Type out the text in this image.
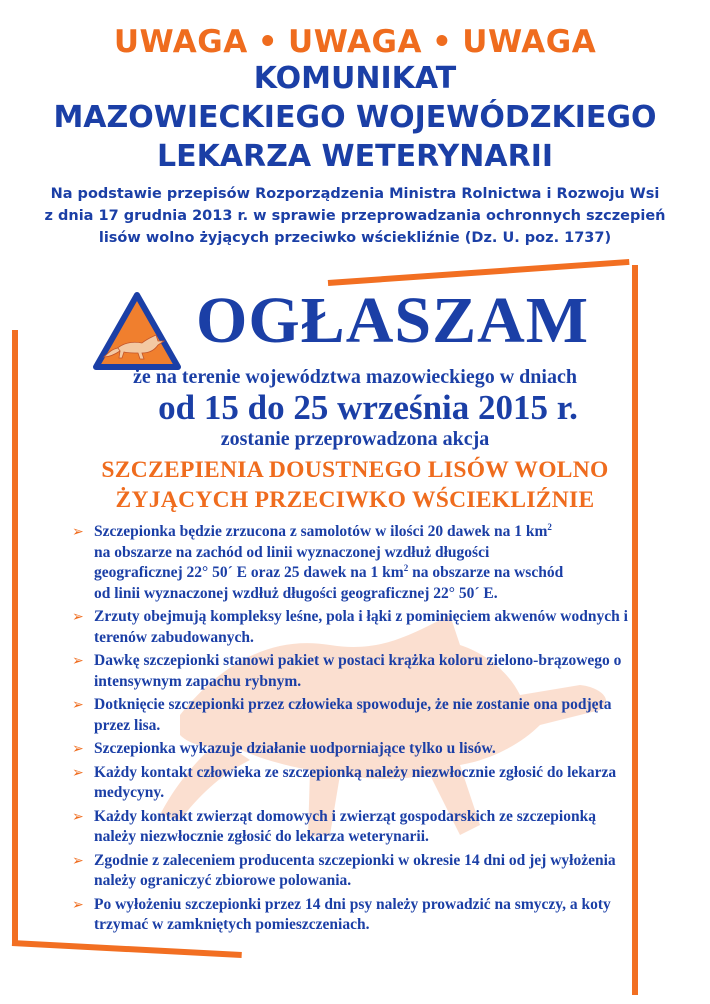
UWAGA • UWAGA • UWAGA
KOMUNIKAT
MAZOWIECKIEGO WOJEWÓDZKIEGO
LEKARZA WETERYNARII
Na podstawie przepisów Rozporządzenia Ministra Rolnictwa i Rozwoju Wsi
z dnia 17 grudnia 2013 r. w sprawie przeprowadzania ochronnych szczepień
lisów wolno żyjących przeciwko wściekliźnie (Dz. U. poz. 1737)
OGŁASZAM
że na terenie województwa mazowieckiego w dniach
od 15 do 25 września 2015 r.
zostanie przeprowadzona akcja
SZCZEPIENIA DOUSTNEGO LISÓW WOLNO
ŻYJĄCYCH PRZECIWKO WŚCIEKLIŹNIE
➢ Szczepionka będzie zrzucona z samolotów w ilości 20 dawek na 1 $km^2$
na obszarze na zachód od linii wyznaczonej wzdłuż długości
geograficznej 22° 50´ E oraz 25 dawek na 1 $km^2$ na obszarze na wschód
od linii wyznaczonej wzdłuż długości geograficznej 22° 50´ E.
➢ Zrzuty obejmują kompleksy leśne, pola i łąki z pominięciem akwenów wodnych i terenów zabudowanych.
➢ Dawkę szczepionki stanowi pakiet w postaci krążka koloru zielono-brązowego o intensywnym zapachu rybnym.
➢ Dotknięcie szczepionki przez człowieka spowoduje, że nie zostanie ona podjęta przez lisa.
➢ Szczepionka wykazuje działanie uodporniające tylko u lisów.
➢ Każdy kontakt człowieka ze szczepionką należy niezwłocznie zgłosić do lekarza medycyny.
➢ Każdy kontakt zwierząt domowych i zwierząt gospodarskich ze szczepionką należy niezwłocznie zgłosić do lekarza weterynarii.
➢ Zgodnie z zaleceniem producenta szczepionki w okresie 14 dni od jej wyłożenia należy ograniczyć zbiorowe polowania.
➢ Po wyłożeniu szczepionki przez 14 dni psy należy prowadzić na smyczy, a koty trzymać w zamkniętych pomieszczeniach.
